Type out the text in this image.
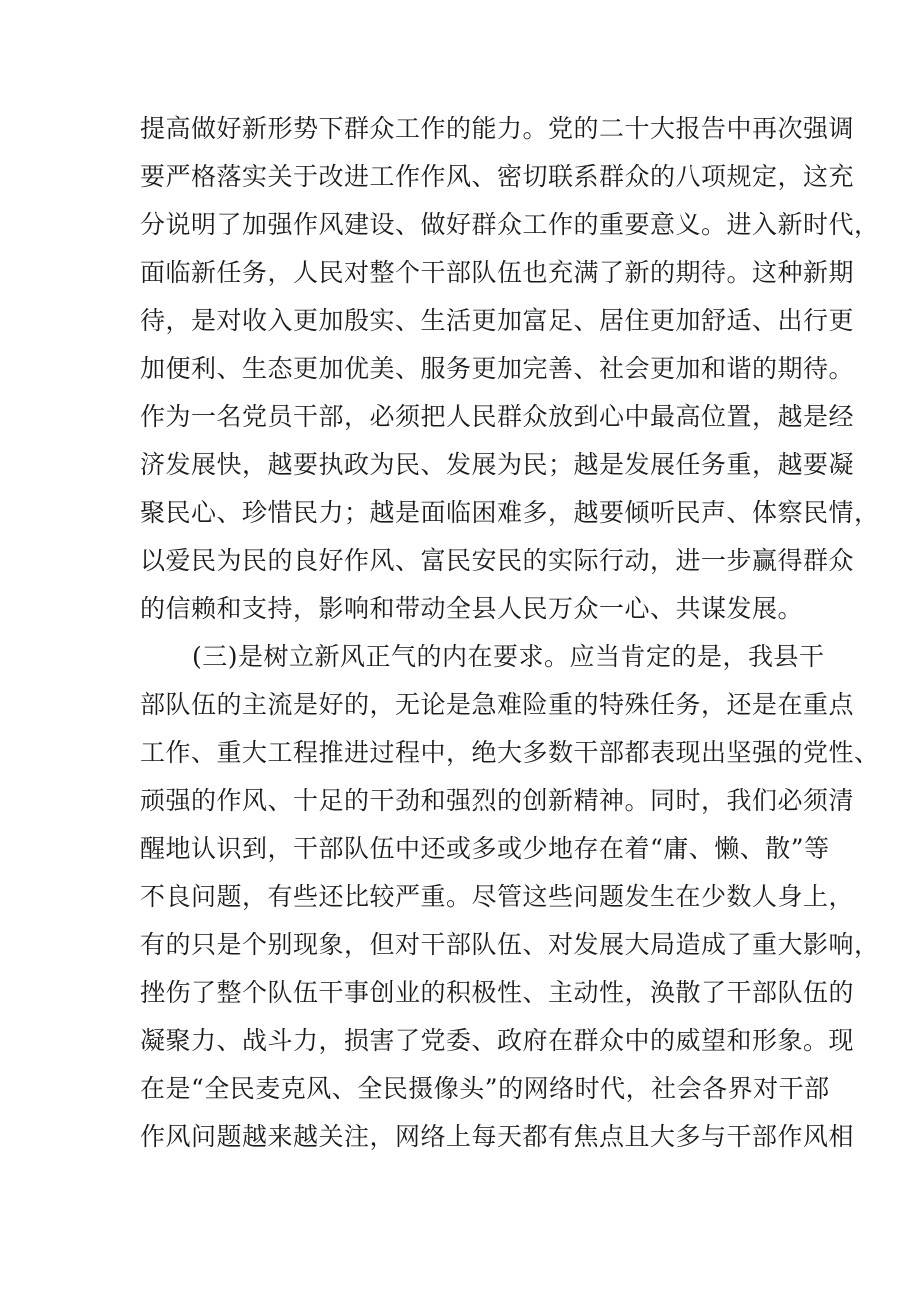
提高做好新形势下群众工作的能力。党的二十大报告中再次强调
要严格落实关于改进工作作风、密切联系群众的八项规定，这充
分说明了加强作风建设、做好群众工作的重要意义。进入新时代，
面临新任务，人民对整个干部队伍也充满了新的期待。这种新期
待，是对收入更加殷实、生活更加富足、居住更加舒适、出行更
加便利、生态更加优美、服务更加完善、社会更加和谐的期待。
作为一名党员干部，必须把人民群众放到心中最高位置，越是经
济发展快，越要执政为民、发展为民；越是发展任务重，越要凝
聚民心、珍惜民力；越是面临困难多，越要倾听民声、体察民情，
以爱民为民的良好作风、富民安民的实际行动，进一步赢得群众
的信赖和支持，影响和带动全县人民万众一心、共谋发展。
(三)是树立新风正气的内在要求。应当肯定的是，我县干
部队伍的主流是好的，无论是急难险重的特殊任务，还是在重点
工作、重大工程推进过程中，绝大多数干部都表现出坚强的党性、
顽强的作风、十足的干劲和强烈的创新精神。同时，我们必须清
醒地认识到，干部队伍中还或多或少地存在着“庸、懒、散”等
不良问题，有些还比较严重。尽管这些问题发生在少数人身上，
有的只是个别现象，但对干部队伍、对发展大局造成了重大影响，
挫伤了整个队伍干事创业的积极性、主动性，涣散了干部队伍的
凝聚力、战斗力，损害了党委、政府在群众中的威望和形象。现
在是“全民麦克风、全民摄像头”的网络时代，社会各界对干部
作风问题越来越关注，网络上每天都有焦点且大多与干部作风相
